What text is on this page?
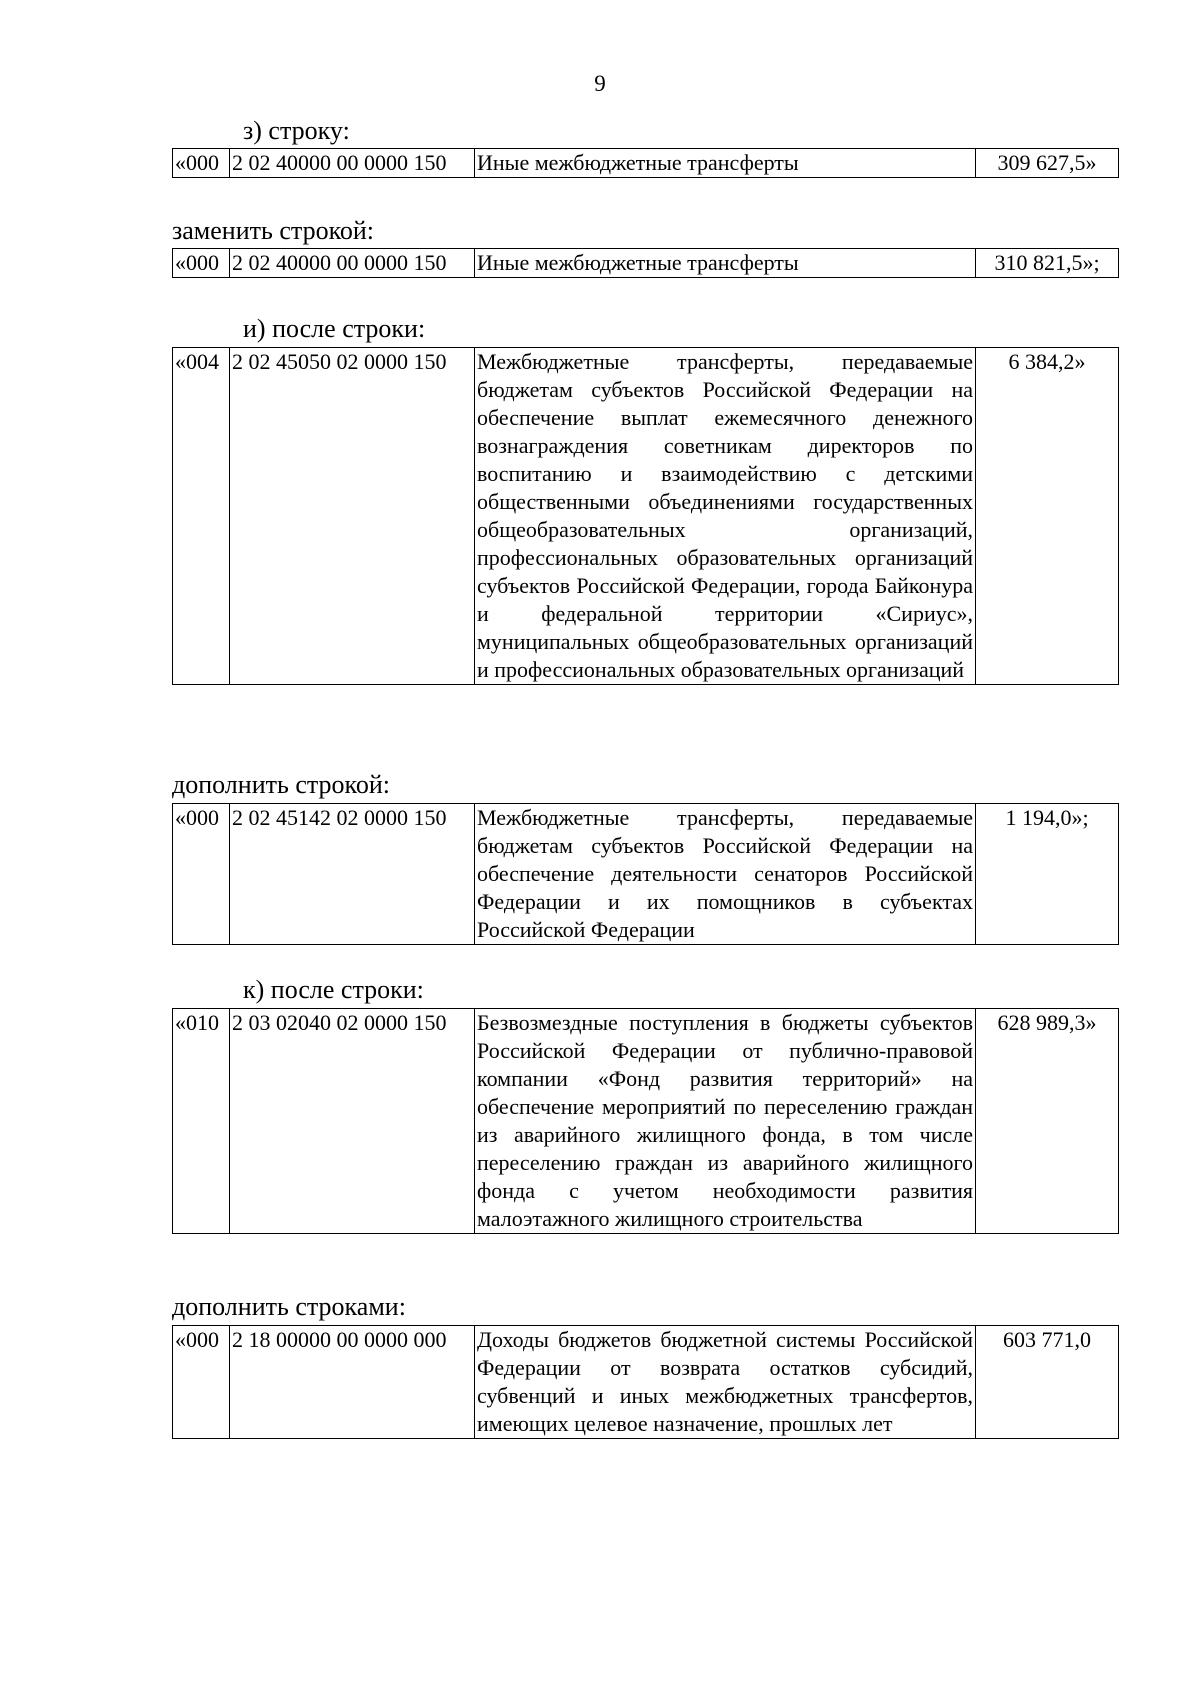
9
з) строку:
«000	2 02 40000 00 0000 150	Иные межбюджетные трансферты	309 627,5»
заменить строкой:
«000	2 02 40000 00 0000 150	Иные межбюджетные трансферты	310 821,5»;
и) после строки:
«004	2 02 45050 02 0000 150	Межбюджетные трансферты, передаваемые бюджетам субъектов Российской Федерации на обеспечение выплат ежемесячного денежного вознаграждения советникам директоров по воспитанию и взаимодействию с детскими общественными объединениями государственных общеобразовательных организаций, профессиональных образовательных организаций субъектов Российской Федерации, города Байконура и федеральной территории «Сириус», муниципальных общеобразовательных организаций и профессиональных образовательных организаций	6 384,2»
дополнить строкой:
«000	2 02 45142 02 0000 150	Межбюджетные трансферты, передаваемые бюджетам субъектов Российской Федерации на обеспечение деятельности сенаторов Российской Федерации и их помощников в субъектах Российской Федерации	1 194,0»;
к) после строки:
«010	2 03 02040 02 0000 150	Безвозмездные поступления в бюджеты субъектов Российской Федерации от публично-правовой компании «Фонд развития территорий» на обеспечение мероприятий по переселению граждан из аварийного жилищного фонда, в том числе переселению граждан из аварийного жилищного фонда с учетом необходимости развития малоэтажного жилищного строительства	628 989,3»
дополнить строками:
«000	2 18 00000 00 0000 000	Доходы бюджетов бюджетной системы Российской Федерации от возврата остатков субсидий, субвенций и иных межбюджетных трансфертов, имеющих целевое назначение, прошлых лет	603 771,0
